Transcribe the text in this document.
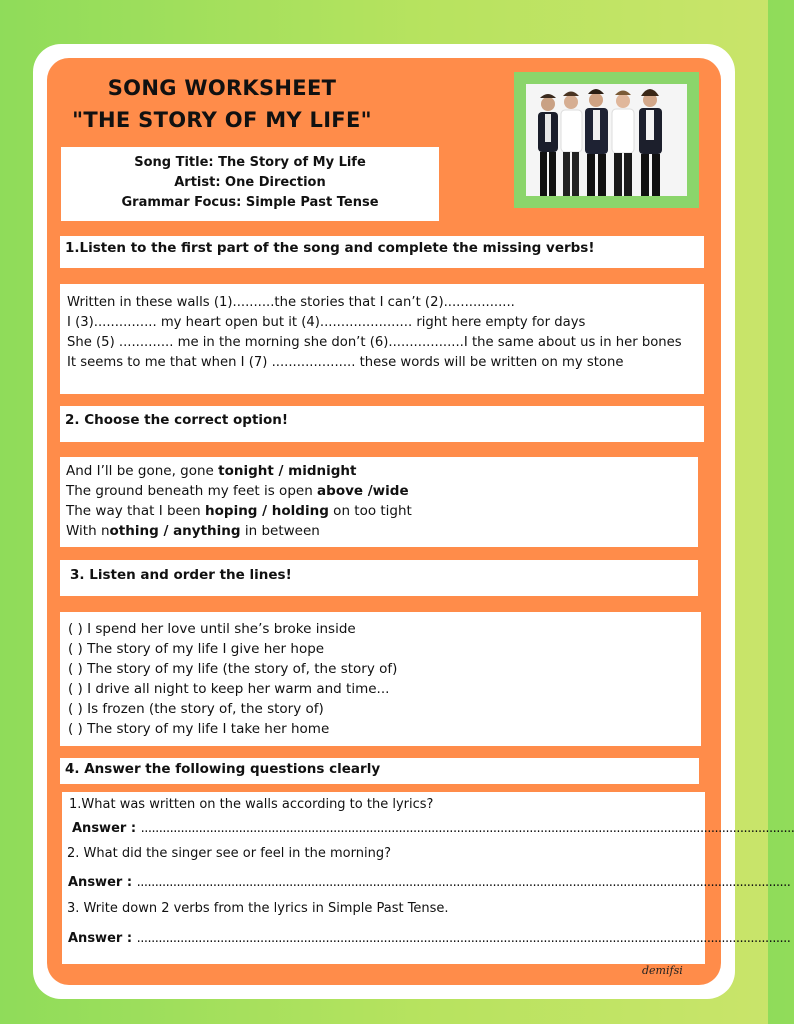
SONG WORKSHEET
"THE STORY OF MY LIFE"
Song Title: The Story of My Life
Artist: One Direction
Grammar Focus: Simple Past Tense
1.Listen to the first part of the song and complete the missing verbs!
Written in these walls (1)..........the stories that I can’t (2).................
I (3)............... my heart open but it (4)...................... right here empty for days
She (5) ............. me in the morning she don’t (6)..................I the same about us in her bones
It seems to me that when I (7) .................... these words will be written on my stone
2. Choose the correct option!
And I’ll be gone, gone tonight / midnight
The ground beneath my feet is open above /wide
The way that I been hoping / holding on too tight
With nothing / anything in between
3. Listen and order the lines!
( ) I spend her love until she’s broke inside
( ) The story of my life I give her hope
( ) The story of my life (the story of, the story of)
( ) I drive all night to keep her warm and time...
( ) Is frozen (the story of, the story of)
( ) The story of my life I take her home
4. Answer the following questions clearly
1.What was written on the walls according to the lyrics?
Answer : ....................................................................................................................................................................................
2. What did the singer see or feel in the morning?
Answer : ....................................................................................................................................................................................
3. Write down 2 verbs from the lyrics in Simple Past Tense.
Answer : ....................................................................................................................................................................................
demifsi
